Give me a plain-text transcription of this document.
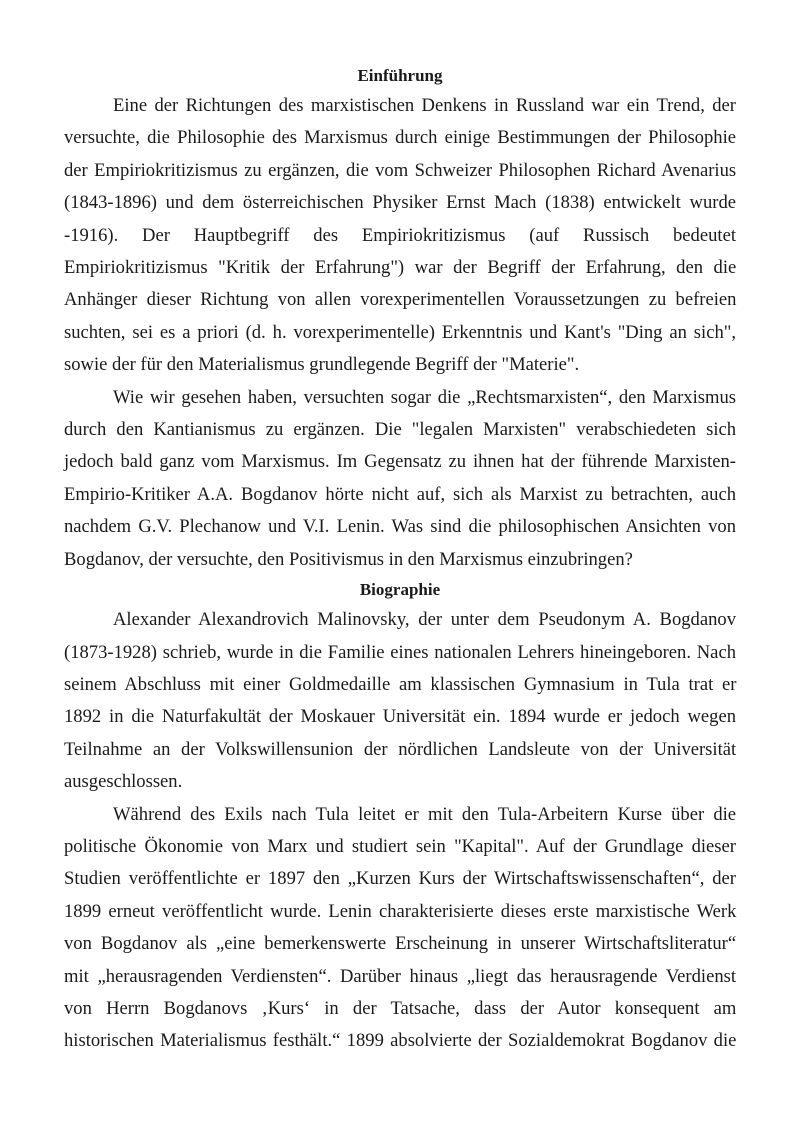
Einführung

Eine der Richtungen des marxistischen Denkens in Russland war ein Trend, der
versuchte, die Philosophie des Marxismus durch einige Bestimmungen der Philosophie
der Empiriokritizismus zu ergänzen, die vom Schweizer Philosophen Richard Avenarius
(1843-1896) und dem österreichischen Physiker Ernst Mach (1838) entwickelt wurde
-1916). Der Hauptbegriff des Empiriokritizismus (auf Russisch bedeutet
Empiriokritizismus "Kritik der Erfahrung") war der Begriff der Erfahrung, den die
Anhänger dieser Richtung von allen vorexperimentellen Voraussetzungen zu befreien
suchten, sei es a priori (d. h. vorexperimentelle) Erkenntnis und Kant's "Ding an sich",
sowie der für den Materialismus grundlegende Begriff der "Materie".

Wie wir gesehen haben, versuchten sogar die „Rechtsmarxisten“, den Marxismus
durch den Kantianismus zu ergänzen. Die "legalen Marxisten" verabschiedeten sich
jedoch bald ganz vom Marxismus. Im Gegensatz zu ihnen hat der führende Marxisten-
Empirio-Kritiker A.A. Bogdanov hörte nicht auf, sich als Marxist zu betrachten, auch
nachdem G.V. Plechanow und V.I. Lenin. Was sind die philosophischen Ansichten von
Bogdanov, der versuchte, den Positivismus in den Marxismus einzubringen?

Biographie

Alexander Alexandrovich Malinovsky, der unter dem Pseudonym A. Bogdanov
(1873-1928) schrieb, wurde in die Familie eines nationalen Lehrers hineingeboren. Nach
seinem Abschluss mit einer Goldmedaille am klassischen Gymnasium in Tula trat er
1892 in die Naturfakultät der Moskauer Universität ein. 1894 wurde er jedoch wegen
Teilnahme an der Volkswillensunion der nördlichen Landsleute von der Universität
ausgeschlossen.

Während des Exils nach Tula leitet er mit den Tula-Arbeitern Kurse über die
politische Ökonomie von Marx und studiert sein "Kapital". Auf der Grundlage dieser
Studien veröffentlichte er 1897 den „Kurzen Kurs der Wirtschaftswissenschaften“, der
1899 erneut veröffentlicht wurde. Lenin charakterisierte dieses erste marxistische Werk
von Bogdanov als „eine bemerkenswerte Erscheinung in unserer Wirtschaftsliteratur“
mit „herausragenden Verdiensten“. Darüber hinaus „liegt das herausragende Verdienst
von Herrn Bogdanovs ‚Kurs‘ in der Tatsache, dass der Autor konsequent am
historischen Materialismus festhält.“ 1899 absolvierte der Sozialdemokrat Bogdanov die
